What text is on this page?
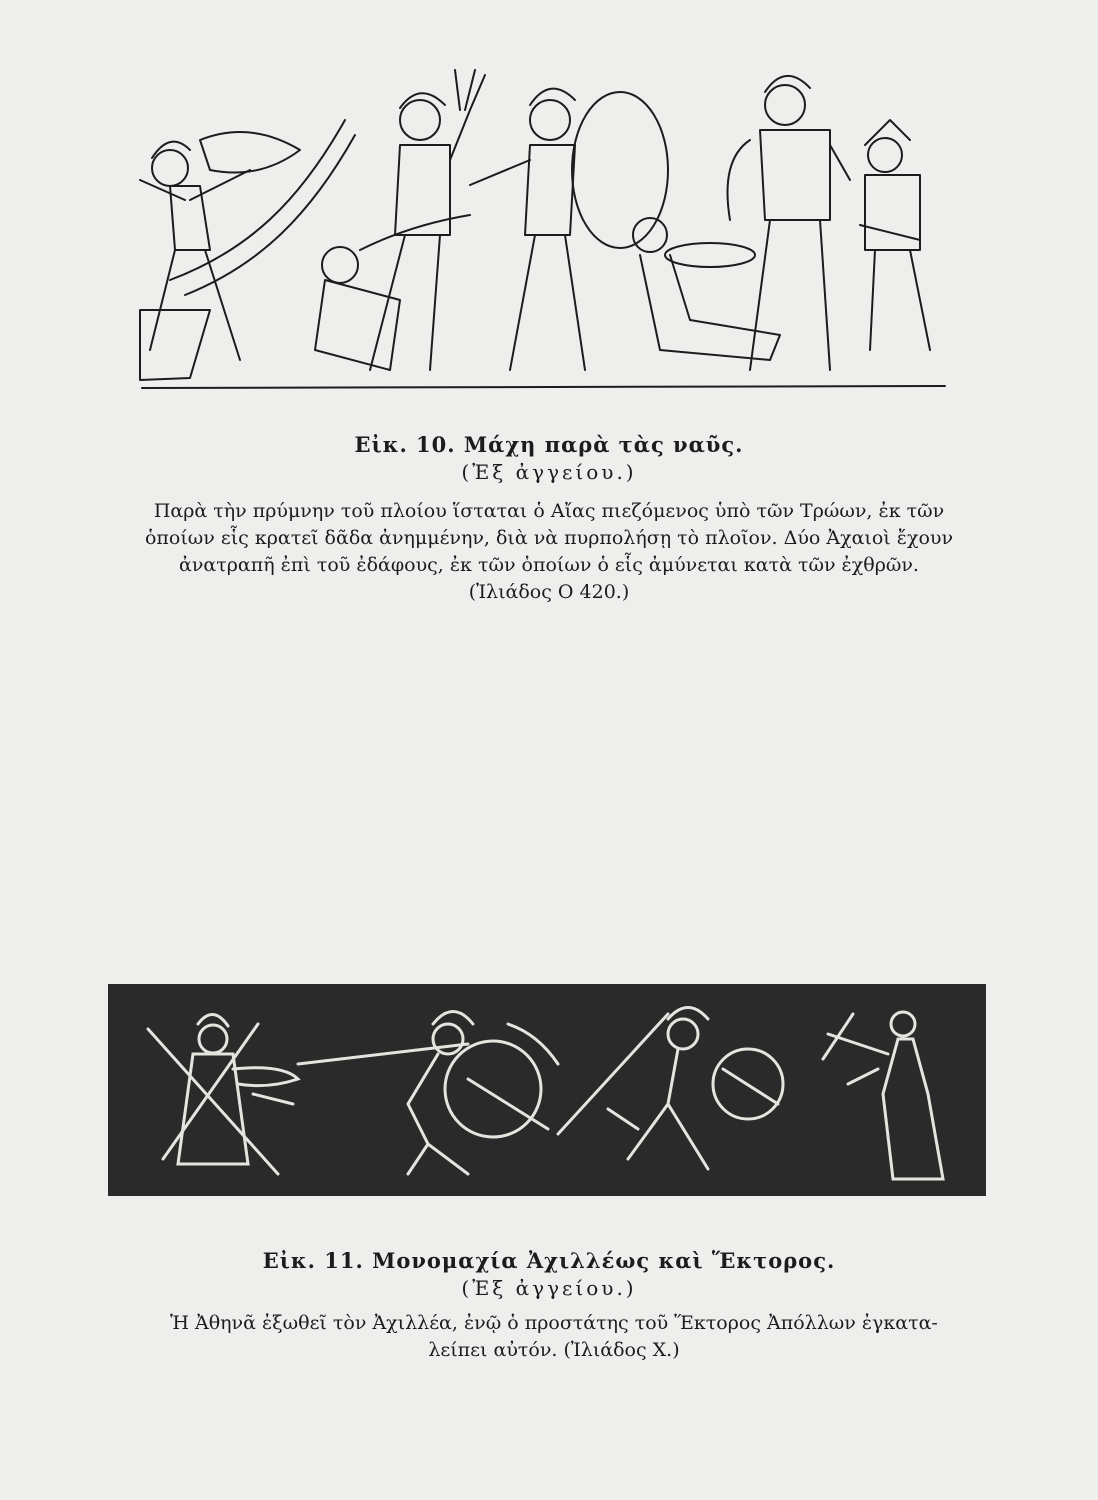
Εἰκ. 10. Μάχη παρὰ τὰς ναῦς.
(Ἐξ ἀγγείου.)
Παρὰ τὴν πρύμνην τοῦ πλοίου ἵσταται ὁ Αἴας πιεζόμενος ὑπὸ τῶν Τρώων, ἐκ τῶν
ὁποίων εἷς κρατεῖ δᾶδα ἀνημμένην, διὰ νὰ πυρπολήσῃ τὸ πλοῖον. Δύο Ἀχαιοὶ ἔχουν
ἀνατραπῆ ἐπὶ τοῦ ἐδάφους, ἐκ τῶν ὁποίων ὁ εἷς ἀμύνεται κατὰ τῶν ἐχθρῶν.
(Ἰλιάδος Ο 420.)
Εἰκ. 11. Μονομαχία Ἀχιλλέως καὶ Ἕκτορος.
(Ἐξ ἀγγείου.)
Ἡ Ἀθηνᾶ ἐξωθεῖ τὸν Ἀχιλλέα, ἐνῷ ὁ προστάτης τοῦ Ἕκτορος Ἀπόλλων ἐγκατα-
λείπει αὐτόν. (Ἰλιάδος Χ.)
